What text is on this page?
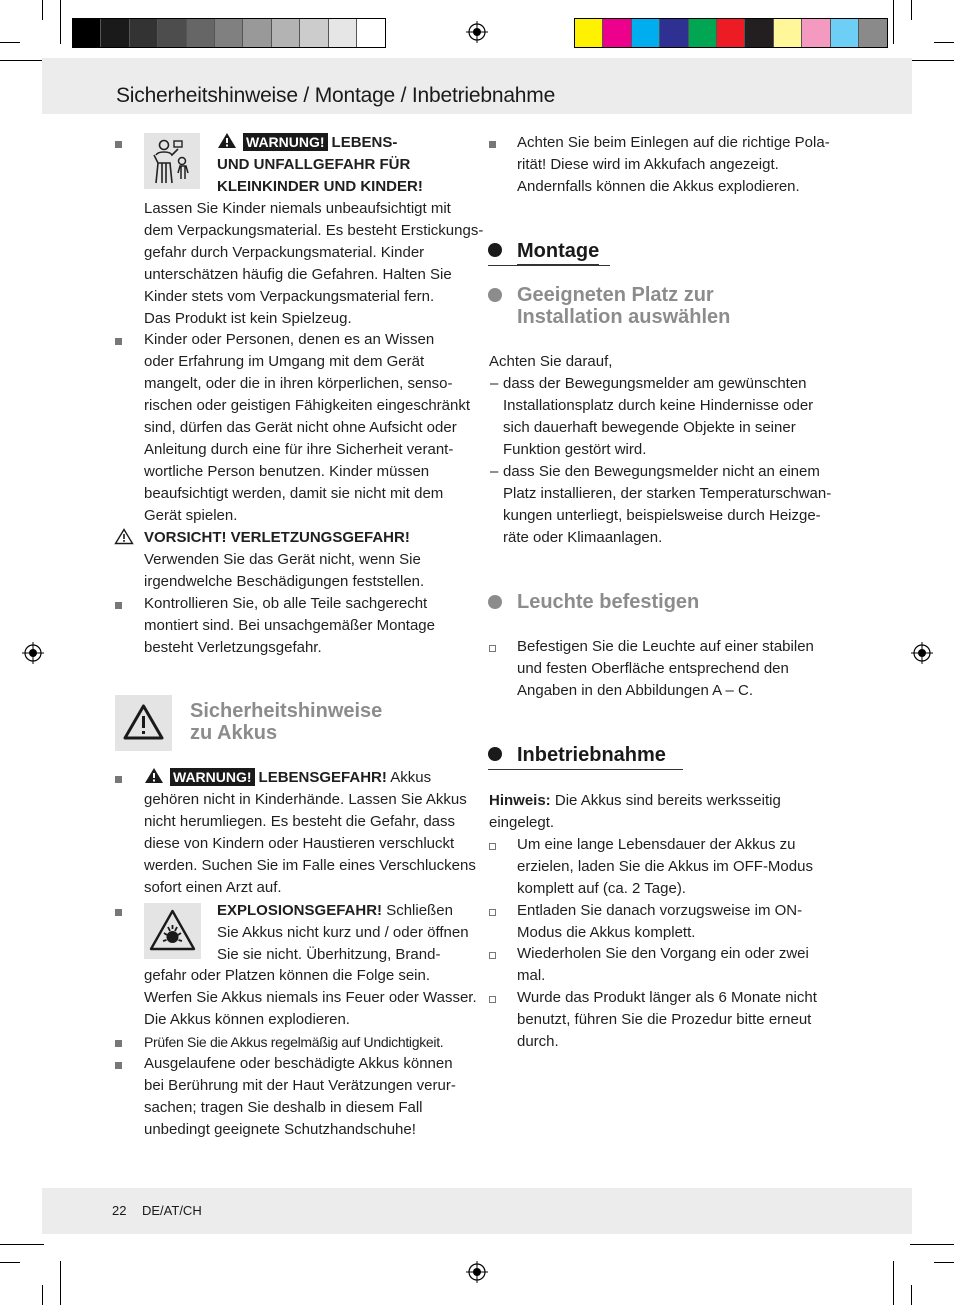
Sicherheitshinweise / Montage / Inbetriebnahme

WARNUNG! LEBENS-

UND UNFALLGEFAHR FÜR

KLEINKINDER UND KINDER!

Lassen Sie Kinder niemals unbeaufsichtigt mit

dem Verpackungsmaterial. Es besteht Erstickungs-

gefahr durch Verpackungsmaterial. Kinder

unterschätzen häufig die Gefahren. Halten Sie

Kinder stets vom Verpackungsmaterial fern.

Das Produkt ist kein Spielzeug.

Kinder oder Personen, denen es an Wissen

oder Erfahrung im Umgang mit dem Gerät

mangelt, oder die in ihren körperlichen, senso-

rischen oder geistigen Fähigkeiten eingeschränkt

sind, dürfen das Gerät nicht ohne Aufsicht oder

Anleitung durch eine für ihre Sicherheit verant-

wortliche Person benutzen. Kinder müssen

beaufsichtigt werden, damit sie nicht mit dem

Gerät spielen.

VORSICHT! VERLETZUNGSGEFAHR!

Verwenden Sie das Gerät nicht, wenn Sie

irgendwelche Beschädigungen feststellen.

Kontrollieren Sie, ob alle Teile sachgerecht

montiert sind. Bei unsachgemäßer Montage

besteht Verletzungsgefahr.

Sicherheitshinweise
zu Akkus

WARNUNG! LEBENSGEFAHR! Akkus

gehören nicht in Kinderhände. Lassen Sie Akkus

nicht herumliegen. Es besteht die Gefahr, dass

diese von Kindern oder Haustieren verschluckt

werden. Suchen Sie im Falle eines Verschluckens

sofort einen Arzt auf.

EXPLOSIONSGEFAHR! Schließen

Sie Akkus nicht kurz und / oder öffnen

Sie sie nicht. Überhitzung, Brand-

gefahr oder Platzen können die Folge sein.

Werfen Sie Akkus niemals ins Feuer oder Wasser.

Die Akkus können explodieren.

Prüfen Sie die Akkus regelmäßig auf Undichtigkeit.

Ausgelaufene oder beschädigte Akkus können

bei Berührung mit der Haut Verätzungen verur-

sachen; tragen Sie deshalb in diesem Fall

unbedingt geeignete Schutzhandschuhe!

Achten Sie beim Einlegen auf die richtige Pola-

rität! Diese wird im Akkufach angezeigt.

Andernfalls können die Akkus explodieren.

Montage
Geeigneten Platz zur
Installation auswählen
Achten Sie darauf,
– dass der Bewegungsmelder am gewünschten

Installationsplatz durch keine Hindernisse oder

sich dauerhaft bewegende Objekte in seiner

Funktion gestört wird.

– dass Sie den Bewegungsmelder nicht an einem

Platz installieren, der starken Temperaturschwan-

kungen unterliegt, beispielsweise durch Heizge-

räte oder Klimaanlagen.

Leuchte befestigen

Befestigen Sie die Leuchte auf einer stabilen

und festen Oberfläche entsprechend den

Angaben in den Abbildungen A – C.

Inbetriebnahme

Hinweis: Die Akkus sind bereits werksseitig

eingelegt.

Um eine lange Lebensdauer der Akkus zu

erzielen, laden Sie die Akkus im OFF-Modus

komplett auf (ca. 2 Tage).

Entladen Sie danach vorzugsweise im ON-

Modus die Akkus komplett.

Wiederholen Sie den Vorgang ein oder zwei

mal.

Wurde das Produkt länger als 6 Monate nicht

benutzt, führen Sie die Prozedur bitte erneut

durch.

22 DE/AT/CH
